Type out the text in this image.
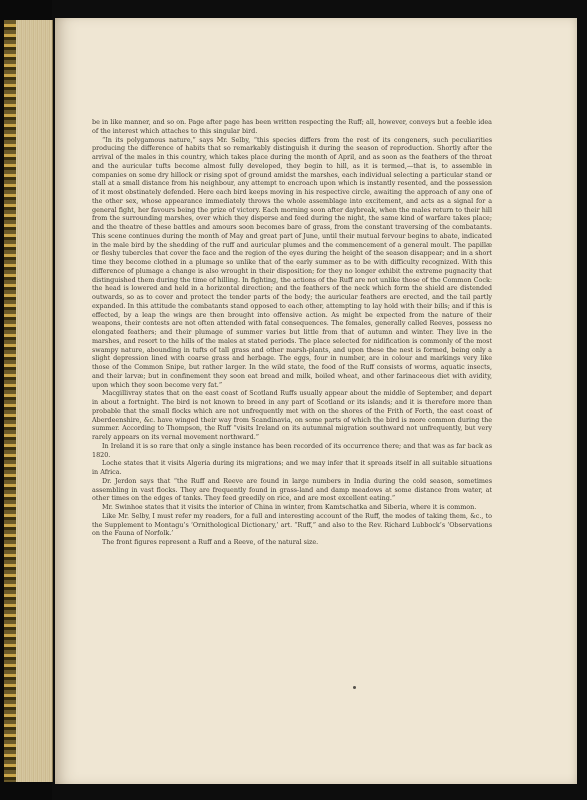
be in like manner, and so on. Page after page has been written respecting the Ruff; all, however, conveys but a feeble idea of the interest which attaches to this singular bird.

“In its polygamous nature,” says Mr. Selby, “this species differs from the rest of its congeners, such peculiarities producing the difference of habits that so remarkably distinguish it during the season of reproduction. Shortly after the arrival of the males in this country, which takes place during the month of April, and as soon as the feathers of the throat and the auricular tufts become almost fully developed, they begin to hill, as it is termed,—that is, to assemble in companies on some dry hillock or rising spot of ground amidst the marshes, each individual selecting a particular stand or stall at a small distance from his neighbour, any attempt to encroach upon which is instantly resented, and the possession of it most obstinately defended. Here each bird keeps moving in his respective circle, awaiting the approach of any one of the other sex, whose appearance immediately throws the whole assemblage into excitement, and acts as a signal for a general fight, her favours being the prize of victory. Each morning soon after daybreak, when the males return to their hill from the surrounding marshes, over which they disperse and feed during the night, the same kind of warfare takes place; and the theatre of these battles and amours soon becomes bare of grass, from the constant traversing of the combatants. This scene continues during the month of May and great part of June, until their mutual fervour begins to abate, indicated in the male bird by the shedding of the ruff and auricular plumes and the commencement of a general moult. The papillæ or fleshy tubercles that cover the face and the region of the eyes during the height of the season disappear; and in a short time they become clothed in a plumage so unlike that of the early summer as to be with difficulty recognized. With this difference of plumage a change is also wrought in their disposition; for they no longer exhibit the extreme pugnacity that distinguished them during the time of hilling. In fighting, the actions of the Ruff are not unlike those of the Common Cock: the head is lowered and held in a horizontal direction; and the feathers of the neck which form the shield are distended outwards, so as to cover and protect the tender parts of the body; the auricular feathers are erected, and the tail partly expanded. In this attitude the combatants stand opposed to each other, attempting to lay hold with their bills; and if this is effected, by a leap the wings are then brought into offensive action. As might be expected from the nature of their weapons, their contests are not often attended with fatal consequences. The females, generally called Reeves, possess no elongated feathers; and their plumage of summer varies but little from that of autumn and winter. They live in the marshes, and resort to the hills of the males at stated periods. The place selected for nidification is commonly of the most swampy nature, abounding in tufts of tall grass and other marsh-plants, and upon these the nest is formed, being only a slight depression lined with coarse grass and herbage. The eggs, four in number, are in colour and markings very like those of the Common Snipe, but rather larger. In the wild state, the food of the Ruff consists of worms, aquatic insects, and their larvæ; but in confinement they soon eat bread and milk, boiled wheat, and other farinaceous diet with avidity, upon which they soon become very fat.”

Macgillivray states that on the east coast of Scotland Ruffs usually appear about the middle of September, and depart in about a fortnight. The bird is not known to breed in any part of Scotland or its islands; and it is therefore more than probable that the small flocks which are not unfrequently met with on the shores of the Frith of Forth, the east coast of Aberdeenshire, &c. have winged their way from Scandinavia, on some parts of which the bird is more common during the summer. According to Thompson, the Ruff “visits Ireland on its autumnal migration southward not unfrequently, but very rarely appears on its vernal movement northward.”

In Ireland it is so rare that only a single instance has been recorded of its occurrence there; and that was as far back as 1820.

Loche states that it visits Algeria during its migrations; and we may infer that it spreads itself in all suitable situations in Africa.

Dr. Jerdon says that “the Ruff and Reeve are found in large numbers in India during the cold season, sometimes assembling in vast flocks. They are frequently found in grass-land and damp meadows at some distance from water, at other times on the edges of tanks. They feed greedily on rice, and are most excellent eating.”

Mr. Swinhoe states that it visits the interior of China in winter, from Kamtschatka and Siberia, where it is common.

Like Mr. Selby, I must refer my readers, for a full and interesting account of the Ruff, the modes of taking them, &c., to the Supplement to Montagu’s ‘Ornithological Dictionary,’ art. “Ruff,” and also to the Rev. Richard Lubbock’s ‘Observations on the Fauna of Norfolk.’

The front figures represent a Ruff and a Reeve, of the natural size.
